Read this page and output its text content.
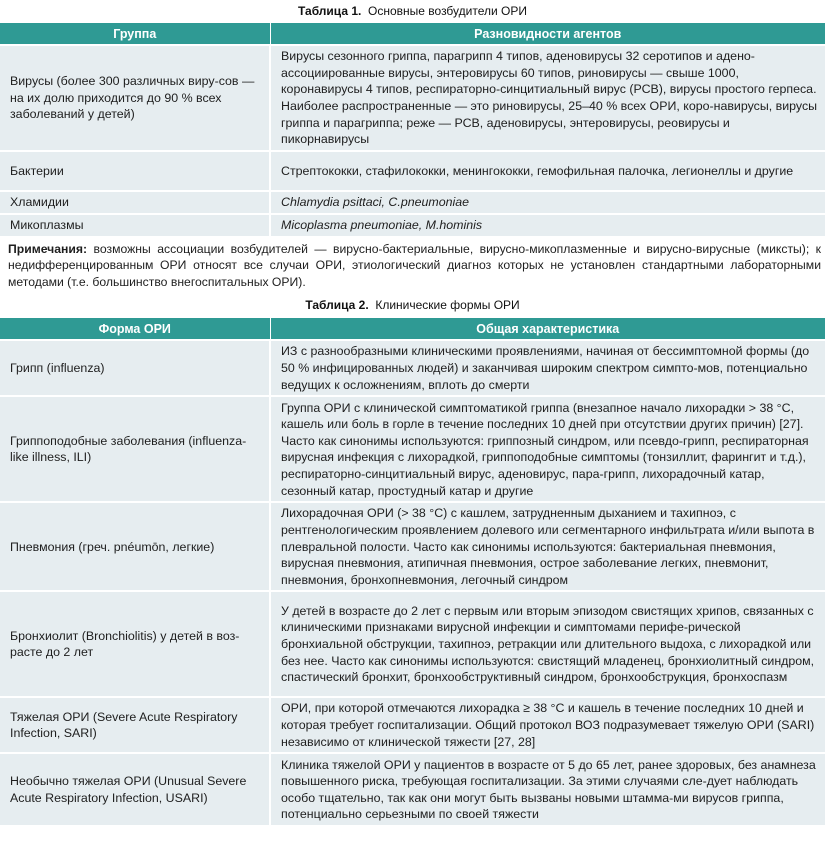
Таблица 1. Основные возбудители ОРИ
Группа	Разновидности агентов
Вирусы (более 300 различных виру-сов — на их долю приходится до 90 % всех заболеваний у детей)	Вирусы сезонного гриппа, парагрипп 4 типов, аденовирусы 32 серотипов и адено-ассоциированные вирусы, энтеровирусы 60 типов, риновирусы — свыше 1000, коронавирусы 4 типов, респираторно-синцитиальный вирус (РСВ), вирусы простого герпеса. Наиболее распространенные — это риновирусы, 25–40 % всех ОРИ, коро-навирусы, вирусы гриппа и парагриппа; реже — РСВ, аденовирусы, энтеровирусы, реовирусы и пикорнавирусы
Бактерии	Стрептококки, стафилококки, менингококки, гемофильная палочка, легионеллы и другие
Хламидии	Chlamydia psittaci, C.pneumoniae
Микоплазмы	Micoplasma pneumoniae, M.hominis
Примечания: возможны ассоциации возбудителей — вирусно-бактериальные, вирусно-микоплазменные и вирусно-вирусные (миксты); к недифференцированным ОРИ относят все случаи ОРИ, этиологический диагноз которых не установлен стандартными лабораторными методами (т.е. большинство внегоспитальных ОРИ).
Таблица 2. Клинические формы ОРИ
Форма ОРИ	Общая характеристика
Грипп (influenza)	ИЗ с разнообразными клиническими проявлениями, начиная от бессимптомной формы (до 50 % инфицированных людей) и заканчивая широким спектром симпто-мов, потенциально ведущих к осложнениям, вплоть до смерти
Гриппоподобные заболевания (influenza-like illness, ILI)	Группа ОРИ с клинической симптоматикой гриппа (внезапное начало лихорадки > 38 °С, кашель или боль в горле в течение последних 10 дней при отсутствии других причин) [27]. Часто как синонимы используются: гриппозный синдром, или псевдо-грипп, респираторная вирусная инфекция с лихорадкой, гриппоподобные симптомы (тонзиллит, фарингит и т.д.), респираторно-синцитиальный вирус, аденовирус, пара-грипп, лихорадочный катар, сезонный катар, простудный катар и другие
Пневмония (греч. pnéumōn, легкие)	Лихорадочная ОРИ (> 38 °С) с кашлем, затрудненным дыханием и тахипноэ, с рентгенологическим проявлением долевого или сегментарного инфильтрата и/или выпота в плевральной полости. Часто как синонимы используются: бактериальная пневмония, вирусная пневмония, атипичная пневмония, острое заболевание легких, пневмонит, пневмония, бронхопневмония, легочный синдром
Бронхиолит (Bronchiolitis) у детей в воз-расте до 2 лет	У детей в возрасте до 2 лет с первым или вторым эпизодом свистящих хрипов, связанных с клиническими признаками вирусной инфекции и симптомами перифе-рической бронхиальной обструкции, тахипноэ, ретракции или длительного выдоха, с лихорадкой или без нее. Часто как синонимы используются: свистящий младенец, бронхиолитный синдром, спастический бронхит, бронхообструктивный синдром, бронхообструкция, бронхоспазм
Тяжелая ОРИ (Severe Acute Respiratory Infection, SARI)	ОРИ, при которой отмечаются лихорадка ≥ 38 °С и кашель в течение последних 10 дней и которая требует госпитализации. Общий протокол ВОЗ подразумевает тяжелую ОРИ (SARI) независимо от клинической тяжести [27, 28]
Необычно тяжелая ОРИ (Unusual Severe Acute Respiratory Infection, USARI)	Клиника тяжелой ОРИ у пациентов в возрасте от 5 до 65 лет, ранее здоровых, без анамнеза повышенного риска, требующая госпитализации. За этими случаями сле-дует наблюдать особо тщательно, так как они могут быть вызваны новыми штамма-ми вирусов гриппа, потенциально серьезными по своей тяжести
